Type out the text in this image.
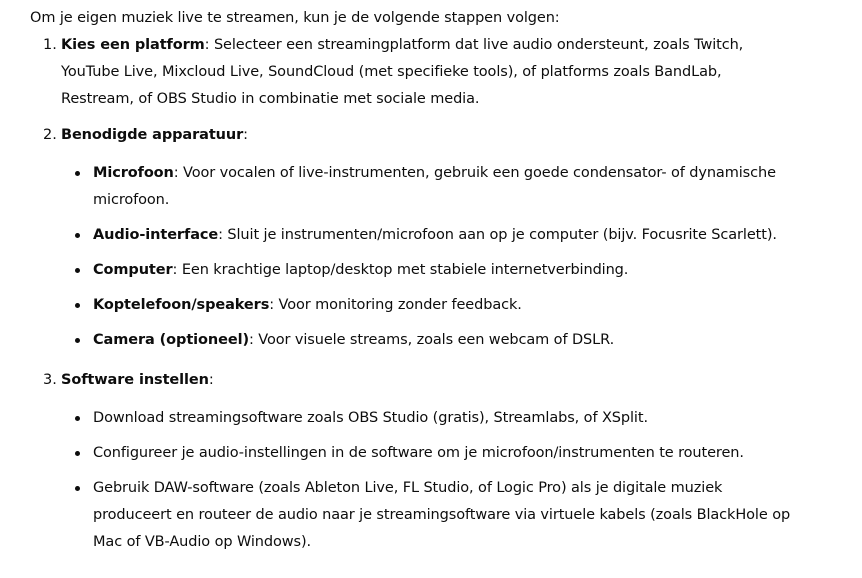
Om je eigen muziek live te streamen, kun je de volgende stappen volgen:

1. Kies een platform: Selecteer een streamingplatform dat live audio ondersteunt, zoals Twitch, YouTube Live, Mixcloud Live, SoundCloud (met specifieke tools), of platforms zoals BandLab, Restream, of OBS Studio in combinatie met sociale media.
2. Benodigde apparatuur:
Microfoon: Voor vocalen of live-instrumenten, gebruik een goede condensator- of dynamische microfoon.
Audio-interface: Sluit je instrumenten/microfoon aan op je computer (bijv. Focusrite Scarlett).
Computer: Een krachtige laptop/desktop met stabiele internetverbinding.
Koptelefoon/speakers: Voor monitoring zonder feedback.
Camera (optioneel): Voor visuele streams, zoals een webcam of DSLR.
3. Software instellen:
Download streamingsoftware zoals OBS Studio (gratis), Streamlabs, of XSplit.
Configureer je audio-instellingen in de software om je microfoon/instrumenten te routeren.
Gebruik DAW-software (zoals Ableton Live, FL Studio, of Logic Pro) als je digitale muziek produceert en routeer de audio naar je streamingsoftware via virtuele kabels (zoals BlackHole op Mac of VB-Audio op Windows).
